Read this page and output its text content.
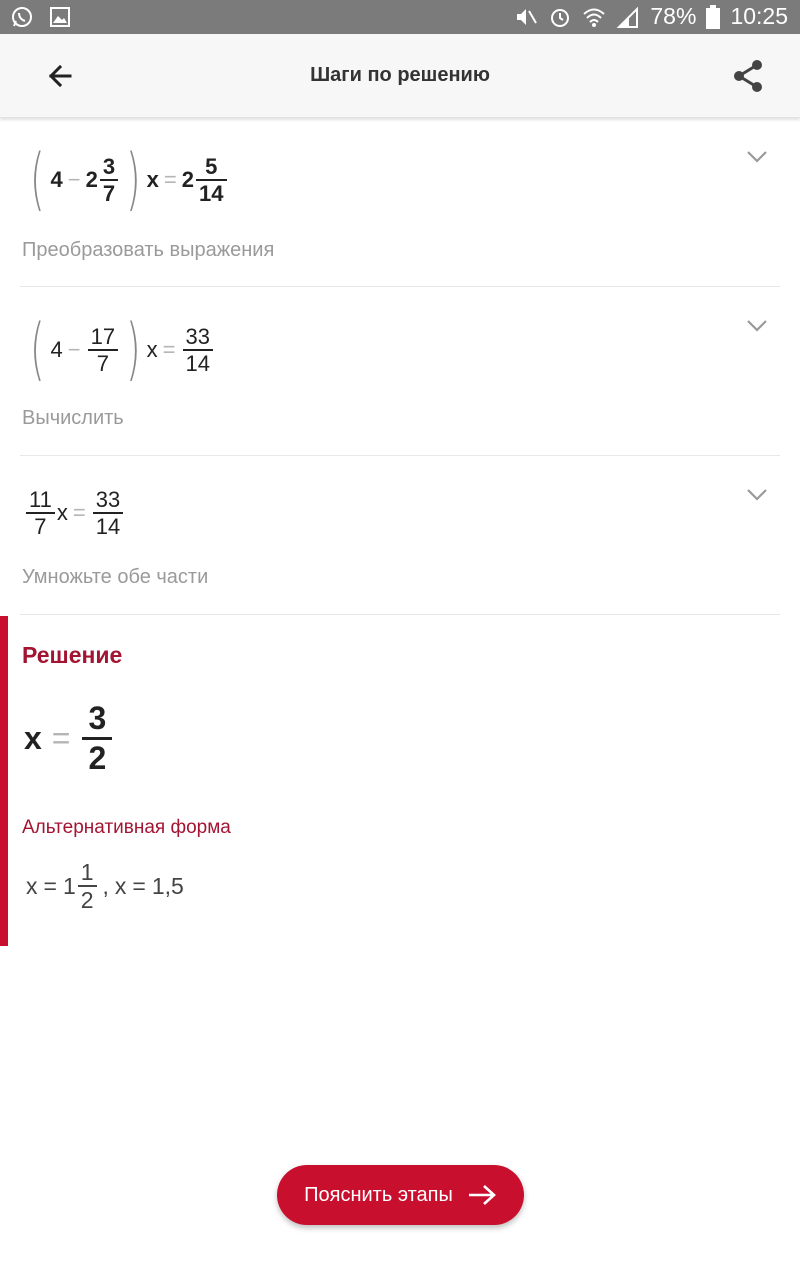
78% 10:25
Шаги по решению
( $4 - 2 \frac{3}{7}$ ) $x = 2 \frac{5}{14}$
Преобразовать выражения
( $4 - \frac{17}{7}$ ) $x = \frac{33}{14}$
Вычислить
$\frac{11}{7}$ $x = \frac{33}{14}$
Умножьте обе части
Решение
$x = \frac{3}{2}$
Альтернативная форма
$x = 1 \frac{1}{2}$ , x = 1,5
Пояснить этапы
